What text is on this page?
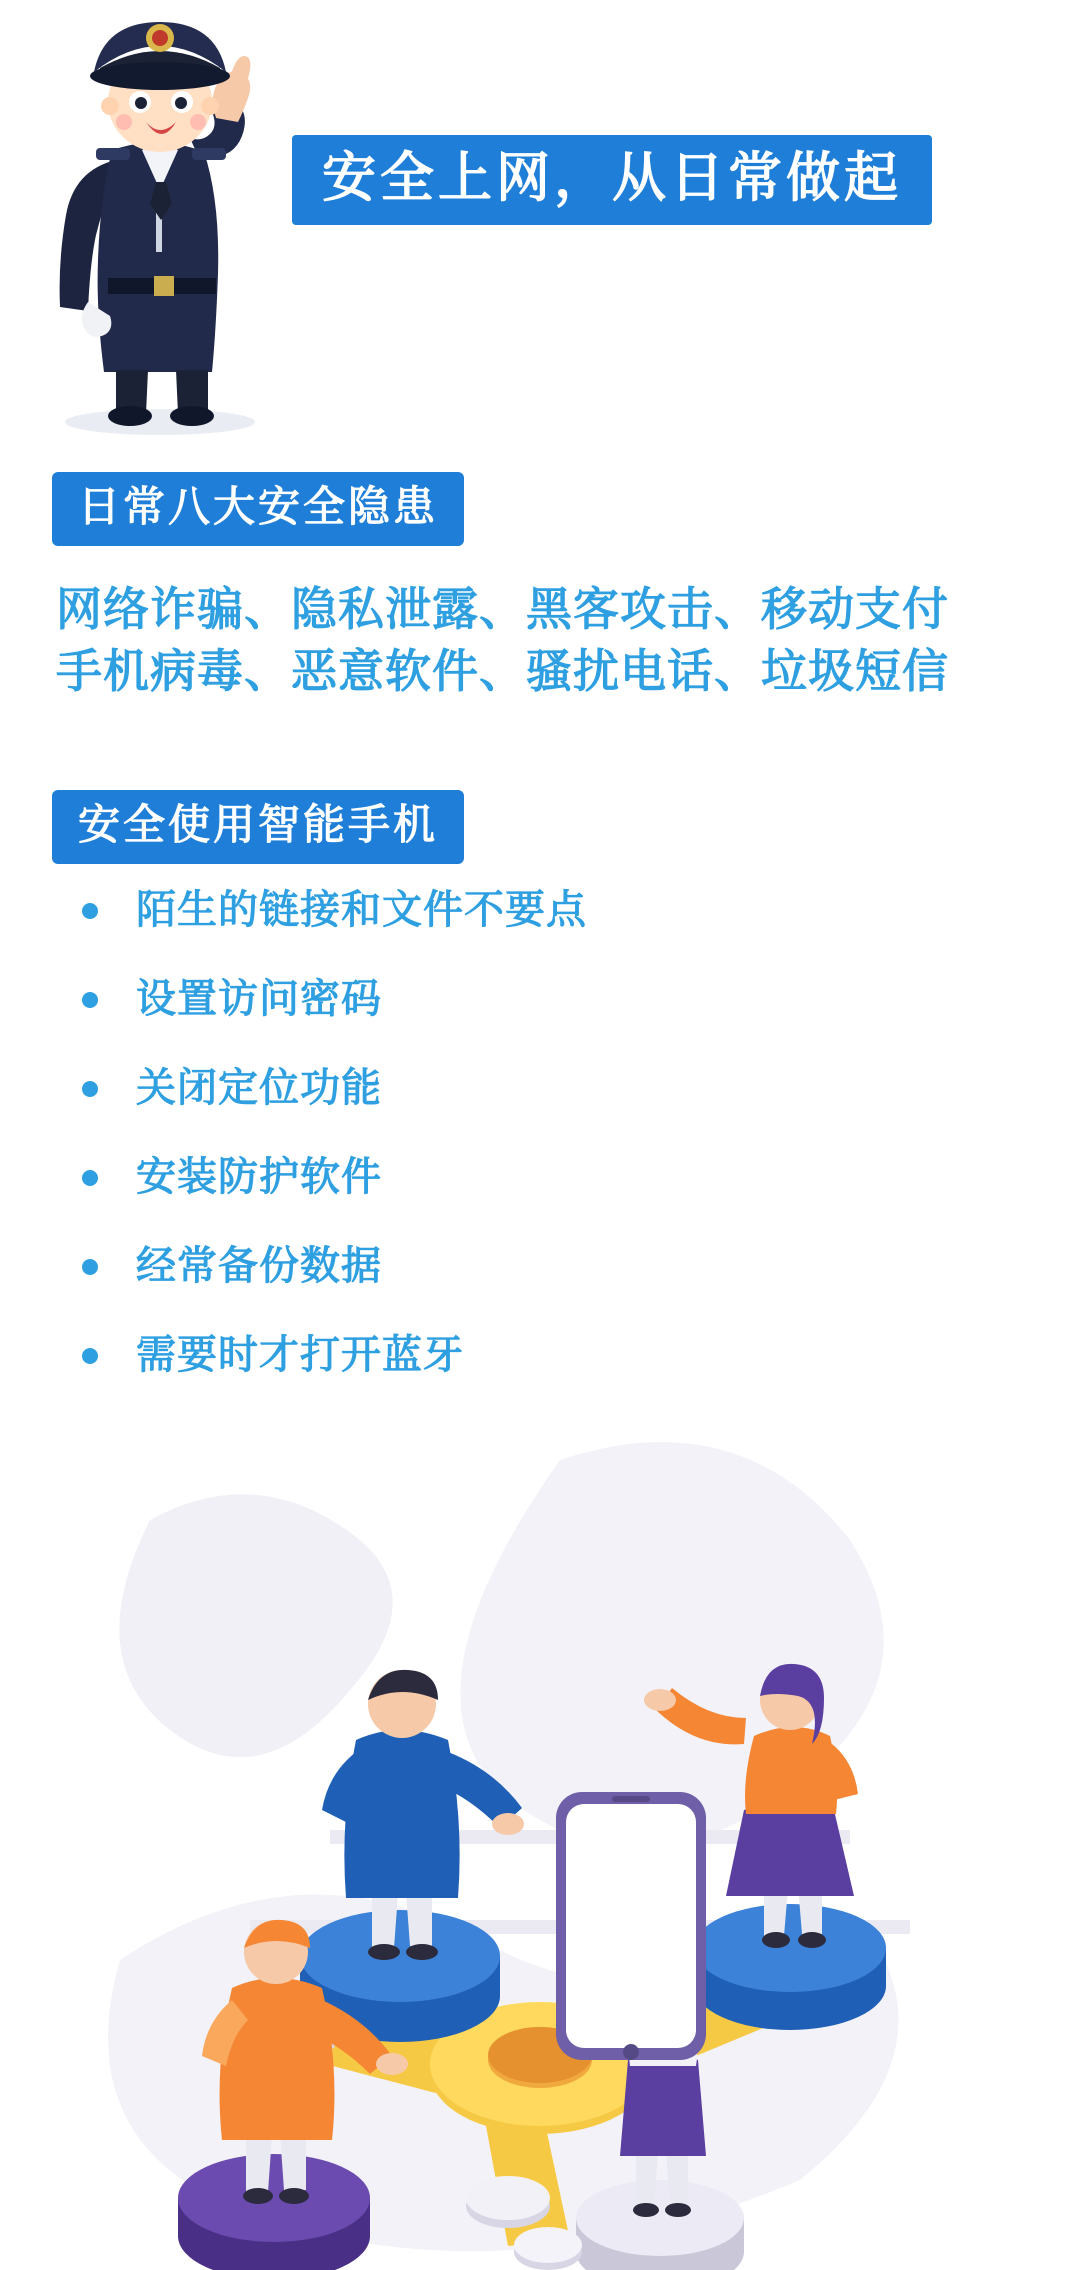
安全上网，从日常做起
日常八大安全隐患
网络诈骗、隐私泄露、黑客攻击、移动支付
手机病毒、恶意软件、骚扰电话、垃圾短信
安全使用智能手机
陌生的链接和文件不要点
设置访问密码
关闭定位功能
安装防护软件
经常备份数据
需要时才打开蓝牙
